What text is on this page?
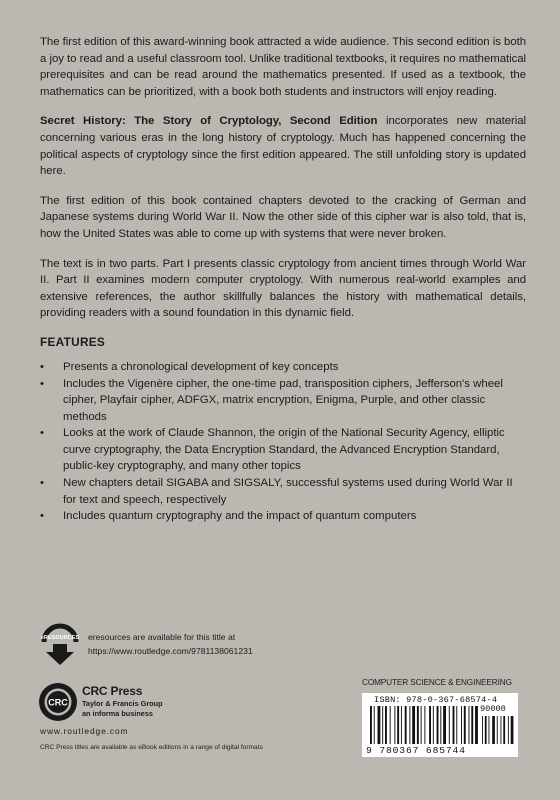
The first edition of this award-winning book attracted a wide audience. This second edition is both a joy to read and a useful classroom tool. Unlike traditional textbooks, it requires no mathematical prerequisites and can be read around the mathematics presented. If used as a textbook, the mathematics can be prioritized, with a book both students and instructors will enjoy reading.

Secret History: The Story of Cryptology, Second Edition incorporates new material concerning various eras in the long history of cryptology. Much has happened concerning the political aspects of cryptology since the first edition appeared. The still unfolding story is updated here.

The first edition of this book contained chapters devoted to the cracking of German and Japanese systems during World War II. Now the other side of this cipher war is also told, that is, how the United States was able to come up with systems that were never broken.

The text is in two parts. Part I presents classic cryptology from ancient times through World War II. Part II examines modern computer cryptology. With numerous real-world examples and extensive references, the author skillfully balances the history with mathematical details, providing readers with a sound foundation in this dynamic field.

FEATURES
• Presents a chronological development of key concepts
• Includes the Vigenère cipher, the one-time pad, transposition ciphers, Jefferson's wheel cipher, Playfair cipher, ADFGX, matrix encryption, Enigma, Purple, and other classic methods
• Looks at the work of Claude Shannon, the origin of the National Security Agency, elliptic curve cryptography, the Data Encryption Standard, the Advanced Encryption Standard, public-key cryptography, and many other topics
• New chapters detail SIGABA and SIGSALY, successful systems used during World War II for text and speech, respectively
• Includes quantum cryptography and the impact of quantum computers
eRESOURCES eresources are available for this title at
https://www.routledge.com/9781138061231
CRC
CRC Press
Taylor & Francis Group
an informa business
www.routledge.com
CRC Press titles are available as eBook editions in a range of digital formats
COMPUTER SCIENCE & ENGINEERING
ISBN: 978-0-367-68574-4
90000
9 780367 685744
